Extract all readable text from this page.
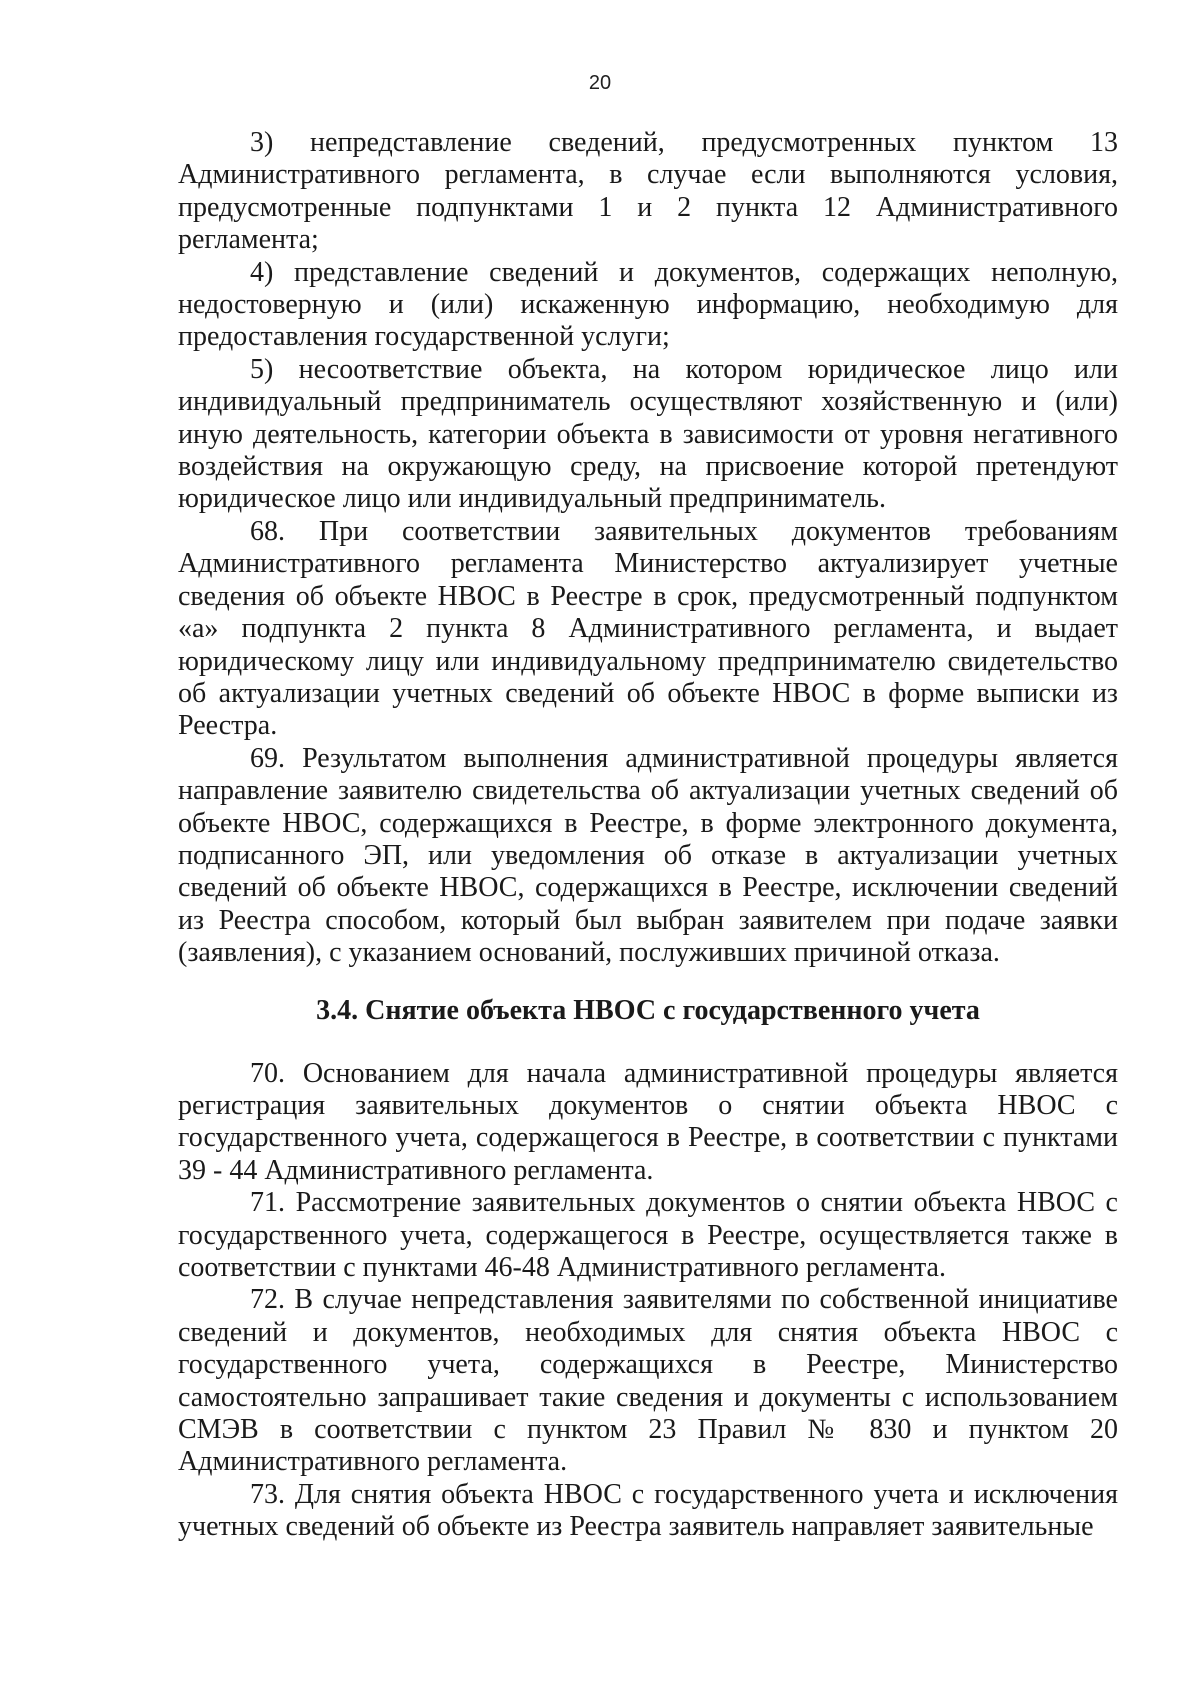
20

3) непредставление сведений, предусмотренных пунктом 13 Административного регламента, в случае если выполняются условия, предусмотренные подпунктами 1 и 2 пункта 12 Административного регламента;

4) представление сведений и документов, содержащих неполную, недостоверную и (или) искаженную информацию, необходимую для предоставления государственной услуги;

5) несоответствие объекта, на котором юридическое лицо или индивидуальный предприниматель осуществляют хозяйственную и (или) иную деятельность, категории объекта в зависимости от уровня негативного воздействия на окружающую среду, на присвоение которой претендуют юридическое лицо или индивидуальный предприниматель.

68. При соответствии заявительных документов требованиям Административного регламента Министерство актуализирует учетные сведения об объекте НВОС в Реестре в срок, предусмотренный подпунктом «а» подпункта 2 пункта 8 Административного регламента, и выдает юридическому лицу или индивидуальному предпринимателю свидетельство об актуализации учетных сведений об объекте НВОС в форме выписки из Реестра.

69. Результатом выполнения административной процедуры является направление заявителю свидетельства об актуализации учетных сведений об объекте НВОС, содержащихся в Реестре, в форме электронного документа, подписанного ЭП, или уведомления об отказе в актуализации учетных сведений об объекте НВОС, содержащихся в Реестре, исключении сведений из Реестра способом, который был выбран заявителем при подаче заявки (заявления), с указанием оснований, послуживших причиной отказа.

3.4. Снятие объекта НВОС с государственного учета

70. Основанием для начала административной процедуры является регистрация заявительных документов о снятии объекта НВОС с государственного учета, содержащегося в Реестре, в соответствии с пунктами 39 - 44 Административного регламента.

71. Рассмотрение заявительных документов о снятии объекта НВОС с государственного учета, содержащегося в Реестре, осуществляется также в соответствии с пунктами 46-48 Административного регламента.

72. В случае непредставления заявителями по собственной инициативе сведений и документов, необходимых для снятия объекта НВОС с государственного учета, содержащихся в Реестре, Министерство самостоятельно запрашивает такие сведения и документы с использованием СМЭВ в соответствии с пунктом 23 Правил № 830 и пунктом 20 Административного регламента.

73. Для снятия объекта НВОС с государственного учета и исключения учетных сведений об объекте из Реестра заявитель направляет заявительные
